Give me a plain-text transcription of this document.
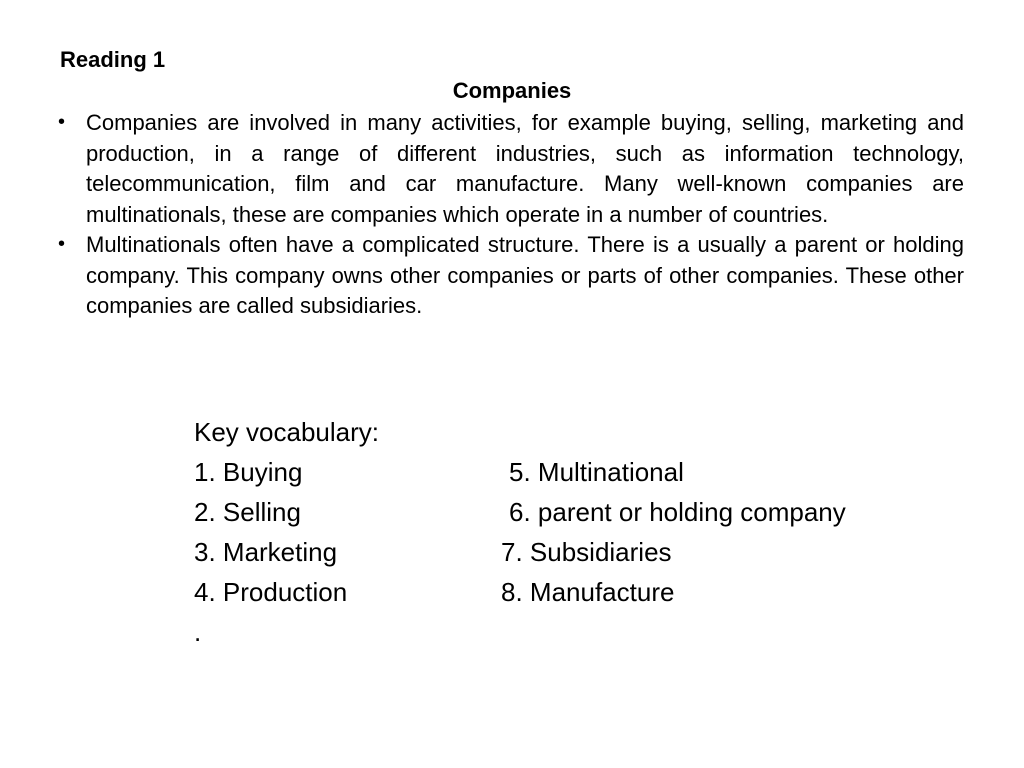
Reading 1

Companies

• Companies are involved in many activities, for example buying, selling, marketing and production, in a range of different industries, such as information technology, telecommunication, film and car manufacture. Many well-known companies are multinationals, these are companies which operate in a number of countries.
• Multinationals often have a complicated structure. There is a usually a parent or holding company. This company owns other companies or parts of other companies. These other companies are called subsidiaries.
Key vocabulary:
1. Buying	5. Multinational
2. Selling	6. parent or holding company
3. Marketing	7. Subsidiaries
4. Production	8. Manufacture
.
